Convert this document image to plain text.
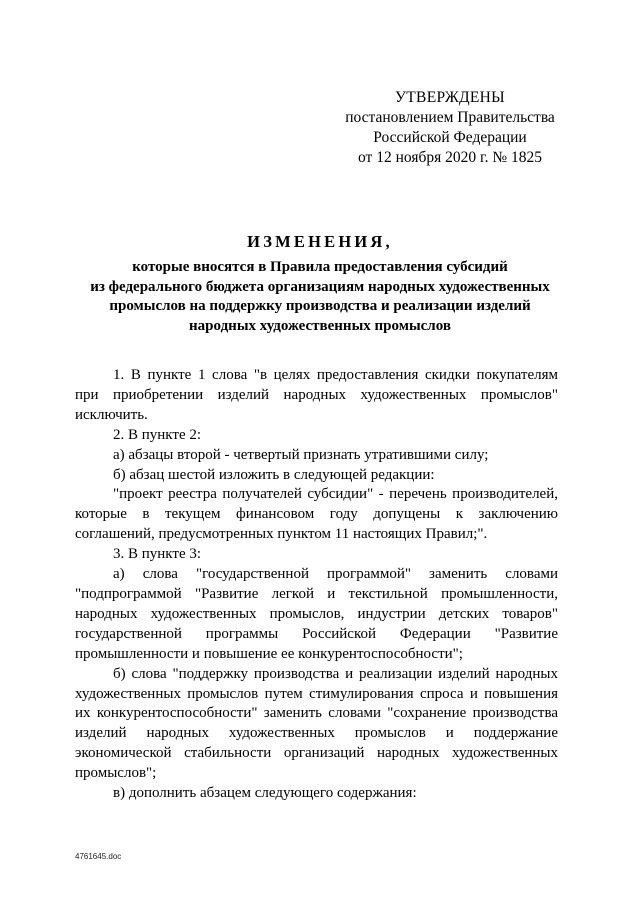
УТВЕРЖДЕНЫ
постановлением Правительства
Российской Федерации
от 12 ноября 2020 г. № 1825
ИЗМЕНЕНИЯ,
которые вносятся в Правила предоставления субсидий
из федерального бюджета организациям народных художественных
промыслов на поддержку производства и реализации изделий
народных художественных промыслов

1. В пункте 1 слова "в целях предоставления скидки покупателям при приобретении изделий народных художественных промыслов" исключить.

2. В пункте 2:

а) абзацы второй - четвертый признать утратившими силу;

б) абзац шестой изложить в следующей редакции:

"проект реестра получателей субсидии" - перечень производителей, которые в текущем финансовом году допущены к заключению соглашений, предусмотренных пунктом 11 настоящих Правил;".

3. В пункте 3:

а) слова "государственной программой" заменить словами "подпрограммой "Развитие легкой и текстильной промышленности, народных художественных промыслов, индустрии детских товаров" государственной программы Российской Федерации "Развитие промышленности и повышение ее конкурентоспособности";

б) слова "поддержку производства и реализации изделий народных художественных промыслов путем стимулирования спроса и повышения их конкурентоспособности" заменить словами "сохранение производства изделий народных художественных промыслов и поддержание экономической стабильности организаций народных художественных промыслов";

в) дополнить абзацем следующего содержания:

4761645.doc
